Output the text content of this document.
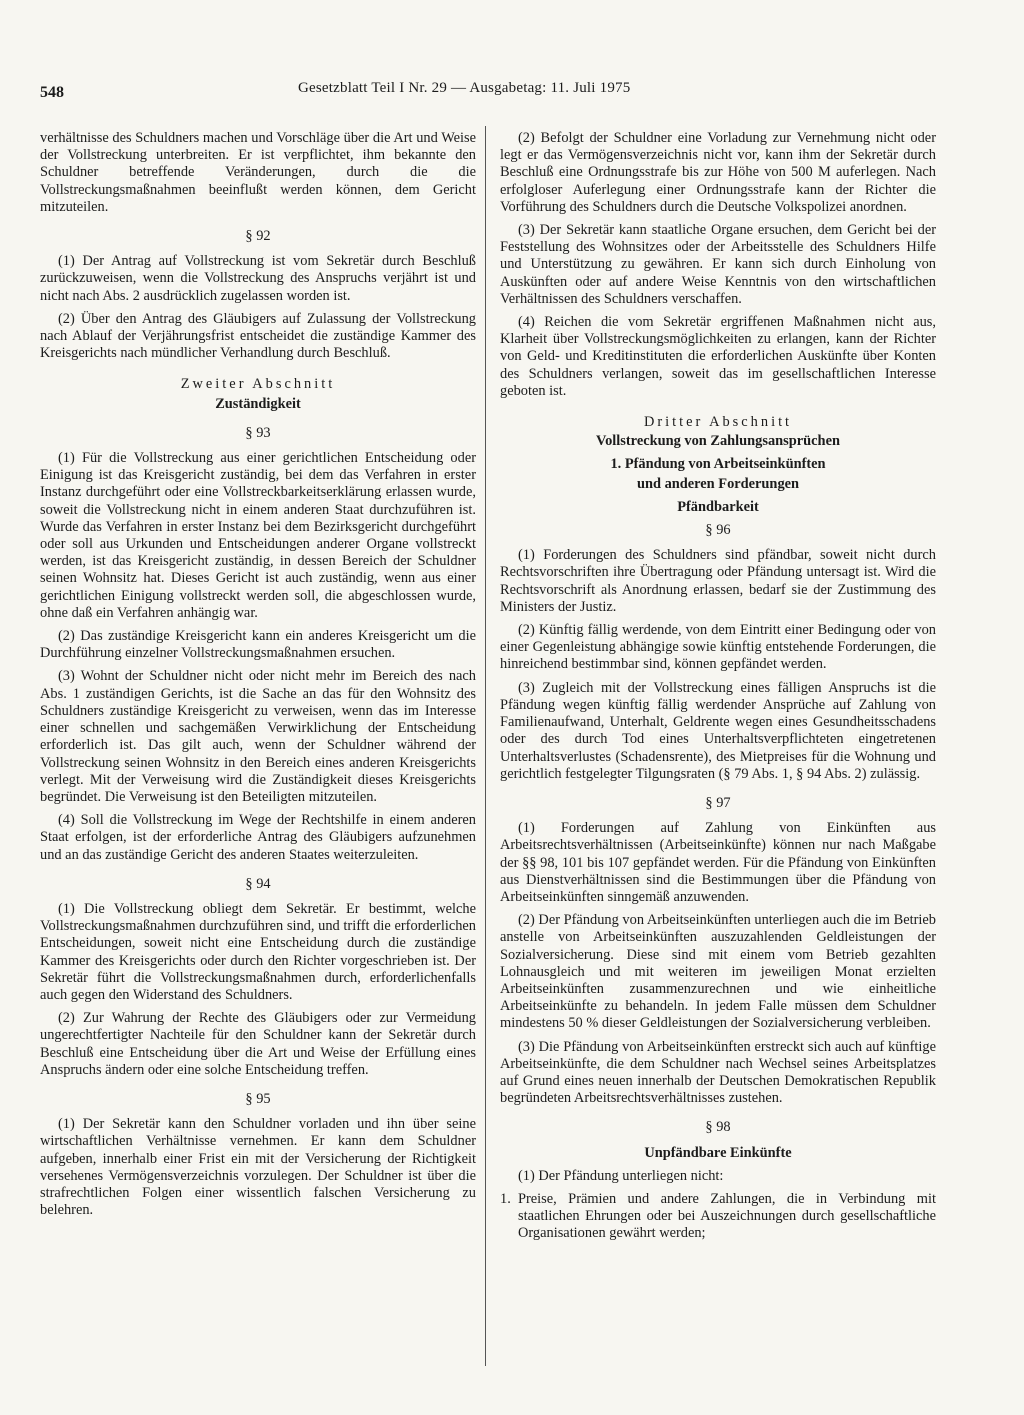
548	Gesetzblatt Teil I Nr. 29 — Ausgabetag: 11. Juli 1975

verhältnisse des Schuldners machen und Vorschläge über die Art und Weise der Vollstreckung unterbreiten. Er ist verpflichtet, ihm bekannte den Schuldner betreffende Veränderungen, durch die die Vollstreckungsmaßnahmen beeinflußt werden können, dem Gericht mitzuteilen.

§ 92

(1) Der Antrag auf Vollstreckung ist vom Sekretär durch Beschluß zurückzuweisen, wenn die Vollstreckung des Anspruchs verjährt ist und nicht nach Abs. 2 ausdrücklich zugelassen worden ist.

(2) Über den Antrag des Gläubigers auf Zulassung der Vollstreckung nach Ablauf der Verjährungsfrist entscheidet die zuständige Kammer des Kreisgerichts nach mündlicher Verhandlung durch Beschluß.

Zweiter Abschnitt
Zuständigkeit
§ 93

(1) Für die Vollstreckung aus einer gerichtlichen Entscheidung oder Einigung ist das Kreisgericht zuständig, bei dem das Verfahren in erster Instanz durchgeführt oder eine Vollstreckbarkeitserklärung erlassen wurde, soweit die Vollstreckung nicht in einem anderen Staat durchzuführen ist. Wurde das Verfahren in erster Instanz bei dem Bezirksgericht durchgeführt oder soll aus Urkunden und Entscheidungen anderer Organe vollstreckt werden, ist das Kreisgericht zuständig, in dessen Bereich der Schuldner seinen Wohnsitz hat. Dieses Gericht ist auch zuständig, wenn aus einer gerichtlichen Einigung vollstreckt werden soll, die abgeschlossen wurde, ohne daß ein Verfahren anhängig war.

(2) Das zuständige Kreisgericht kann ein anderes Kreisgericht um die Durchführung einzelner Vollstreckungsmaßnahmen ersuchen.

(3) Wohnt der Schuldner nicht oder nicht mehr im Bereich des nach Abs. 1 zuständigen Gerichts, ist die Sache an das für den Wohnsitz des Schuldners zuständige Kreisgericht zu verweisen, wenn das im Interesse einer schnellen und sachgemäßen Verwirklichung der Entscheidung erforderlich ist. Das gilt auch, wenn der Schuldner während der Vollstreckung seinen Wohnsitz in den Bereich eines anderen Kreisgerichts verlegt. Mit der Verweisung wird die Zuständigkeit dieses Kreisgerichts begründet. Die Verweisung ist den Beteiligten mitzuteilen.

(4) Soll die Vollstreckung im Wege der Rechtshilfe in einem anderen Staat erfolgen, ist der erforderliche Antrag des Gläubigers aufzunehmen und an das zuständige Gericht des anderen Staates weiterzuleiten.

§ 94

(1) Die Vollstreckung obliegt dem Sekretär. Er bestimmt, welche Vollstreckungsmaßnahmen durchzuführen sind, und trifft die erforderlichen Entscheidungen, soweit nicht eine Entscheidung durch die zuständige Kammer des Kreisgerichts oder durch den Richter vorgeschrieben ist. Der Sekretär führt die Vollstreckungsmaßnahmen durch, erforderlichenfalls auch gegen den Widerstand des Schuldners.

(2) Zur Wahrung der Rechte des Gläubigers oder zur Vermeidung ungerechtfertigter Nachteile für den Schuldner kann der Sekretär durch Beschluß eine Entscheidung über die Art und Weise der Erfüllung eines Anspruchs ändern oder eine solche Entscheidung treffen.

§ 95

(1) Der Sekretär kann den Schuldner vorladen und ihn über seine wirtschaftlichen Verhältnisse vernehmen. Er kann dem Schuldner aufgeben, innerhalb einer Frist ein mit der Versicherung der Richtigkeit versehenes Vermögensverzeichnis vorzulegen. Der Schuldner ist über die strafrechtlichen Folgen einer wissentlich falschen Versicherung zu belehren.

(2) Befolgt der Schuldner eine Vorladung zur Vernehmung nicht oder legt er das Vermögensverzeichnis nicht vor, kann ihm der Sekretär durch Beschluß eine Ordnungsstrafe bis zur Höhe von 500 M auferlegen. Nach erfolgloser Auferlegung einer Ordnungsstrafe kann der Richter die Vorführung des Schuldners durch die Deutsche Volkspolizei anordnen.

(3) Der Sekretär kann staatliche Organe ersuchen, dem Gericht bei der Feststellung des Wohnsitzes oder der Arbeitsstelle des Schuldners Hilfe und Unterstützung zu gewähren. Er kann sich durch Einholung von Auskünften oder auf andere Weise Kenntnis von den wirtschaftlichen Verhältnissen des Schuldners verschaffen.

(4) Reichen die vom Sekretär ergriffenen Maßnahmen nicht aus, Klarheit über Vollstreckungsmöglichkeiten zu erlangen, kann der Richter von Geld- und Kreditinstituten die erforderlichen Auskünfte über Konten des Schuldners verlangen, soweit das im gesellschaftlichen Interesse geboten ist.

Dritter Abschnitt
Vollstreckung von Zahlungsansprüchen
1. Pfändung von Arbeitseinkünften
und anderen Forderungen
Pfändbarkeit
§ 96

(1) Forderungen des Schuldners sind pfändbar, soweit nicht durch Rechtsvorschriften ihre Übertragung oder Pfändung untersagt ist. Wird die Rechtsvorschrift als Anordnung erlassen, bedarf sie der Zustimmung des Ministers der Justiz.

(2) Künftig fällig werdende, von dem Eintritt einer Bedingung oder von einer Gegenleistung abhängige sowie künftig entstehende Forderungen, die hinreichend bestimmbar sind, können gepfändet werden.

(3) Zugleich mit der Vollstreckung eines fälligen Anspruchs ist die Pfändung wegen künftig fällig werdender Ansprüche auf Zahlung von Familienaufwand, Unterhalt, Geldrente wegen eines Gesundheitsschadens oder des durch Tod eines Unterhaltsverpflichteten eingetretenen Unterhaltsverlustes (Schadensrente), des Mietpreises für die Wohnung und gerichtlich festgelegter Tilgungsraten (§ 79 Abs. 1, § 94 Abs. 2) zulässig.

§ 97

(1) Forderungen auf Zahlung von Einkünften aus Arbeitsrechtsverhältnissen (Arbeitseinkünfte) können nur nach Maßgabe der §§ 98, 101 bis 107 gepfändet werden. Für die Pfändung von Einkünften aus Dienstverhältnissen sind die Bestimmungen über die Pfändung von Arbeitseinkünften sinngemäß anzuwenden.

(2) Der Pfändung von Arbeitseinkünften unterliegen auch die im Betrieb anstelle von Arbeitseinkünften auszuzahlenden Geldleistungen der Sozialversicherung. Diese sind mit einem vom Betrieb gezahlten Lohnausgleich und mit weiteren im jeweiligen Monat erzielten Arbeitseinkünften zusammenzurechnen und wie einheitliche Arbeitseinkünfte zu behandeln. In jedem Falle müssen dem Schuldner mindestens 50 % dieser Geldleistungen der Sozialversicherung verbleiben.

(3) Die Pfändung von Arbeitseinkünften erstreckt sich auch auf künftige Arbeitseinkünfte, die dem Schuldner nach Wechsel seines Arbeitsplatzes auf Grund eines neuen innerhalb der Deutschen Demokratischen Republik begründeten Arbeitsrechtsverhältnisses zustehen.

§ 98
Unpfändbare Einkünfte

(1) Der Pfändung unterliegen nicht:

1. Preise, Prämien und andere Zahlungen, die in Verbindung mit staatlichen Ehrungen oder bei Auszeichnungen durch gesellschaftliche Organisationen gewährt werden;
